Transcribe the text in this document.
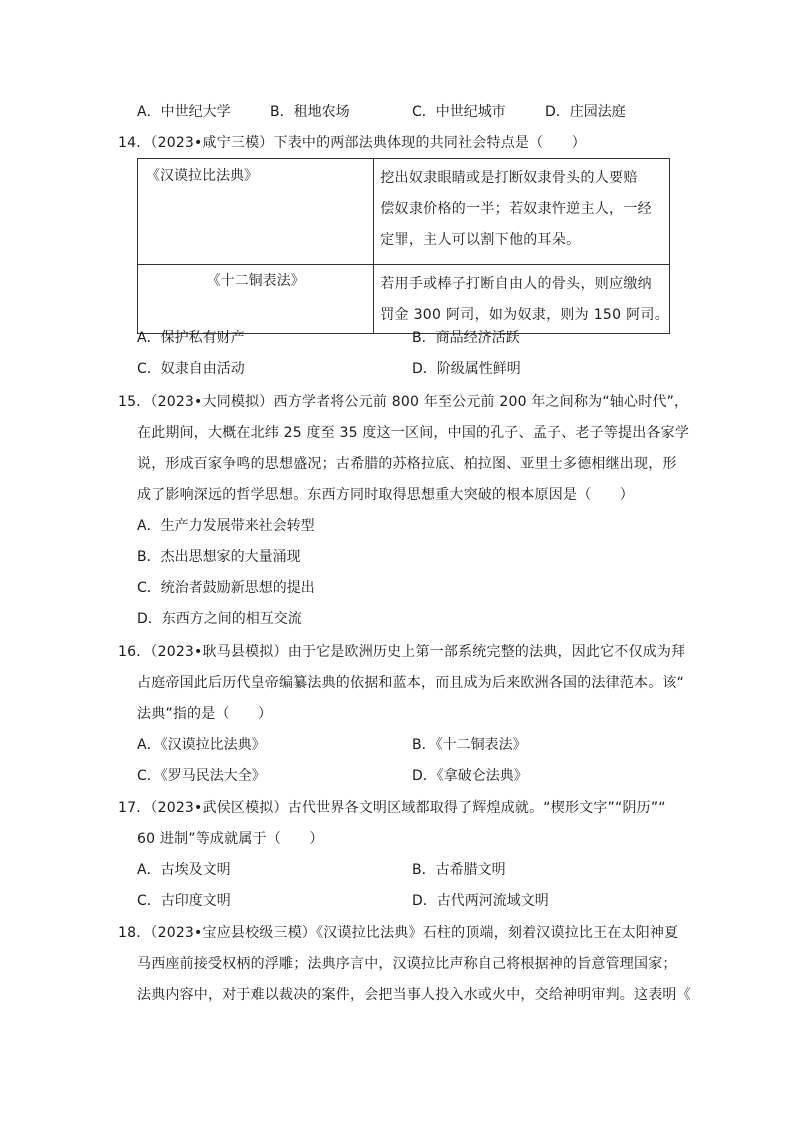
A．中世纪大学	B．租地农场	C．中世纪城市	D．庄园法庭
14．（2023•咸宁三模）下表中的两部法典体现的共同社会特点是（　　）
《汉谟拉比法典》	挖出奴隶眼睛或是打断奴隶骨头的人要赔
偿奴隶价格的一半；若奴隶忤逆主人，一经
定罪，主人可以割下他的耳朵。

《十二铜表法》	若用手或棒子打断自由人的骨头，则应缴纳
罚金 300 阿司，如为奴隶，则为 150 阿司。
A．保护私有财产	B．商品经济活跃
C．奴隶自由活动	D．阶级属性鲜明
15．（2023•大同模拟）西方学者将公元前 800 年至公元前 200 年之间称为“轴心时代”，
在此期间，大概在北纬 25 度至 35 度这一区间，中国的孔子、孟子、老子等提出各家学
说，形成百家争鸣的思想盛况；古希腊的苏格拉底、柏拉图、亚里士多德相继出现，形
成了影响深远的哲学思想。东西方同时取得思想重大突破的根本原因是（　　）
A．生产力发展带来社会转型
B．杰出思想家的大量涌现
C．统治者鼓励新思想的提出
D．东西方之间的相互交流
16．（2023•耿马县模拟）由于它是欧洲历史上第一部系统完整的法典，因此它不仅成为拜
占庭帝国此后历代皇帝编纂法典的依据和蓝本，而且成为后来欧洲各国的法律范本。该“
法典”指的是（　　）
A．《汉谟拉比法典》	B．《十二铜表法》
C．《罗马民法大全》	D．《拿破仑法典》
17．（2023•武侯区模拟）古代世界各文明区域都取得了辉煌成就。“楔形文字”“阴历”“
60 进制”等成就属于（　　）
A．古埃及文明	B．古希腊文明
C．古印度文明	D．古代两河流域文明
18．（2023•宝应县校级三模）《汉谟拉比法典》石柱的顶端，刻着汉谟拉比王在太阳神夏
马西座前接受权柄的浮雕；法典序言中，汉谟拉比声称自己将根据神的旨意管理国家；
法典内容中，对于难以裁决的案件，会把当事人投入水或火中，交给神明审判。这表明《
